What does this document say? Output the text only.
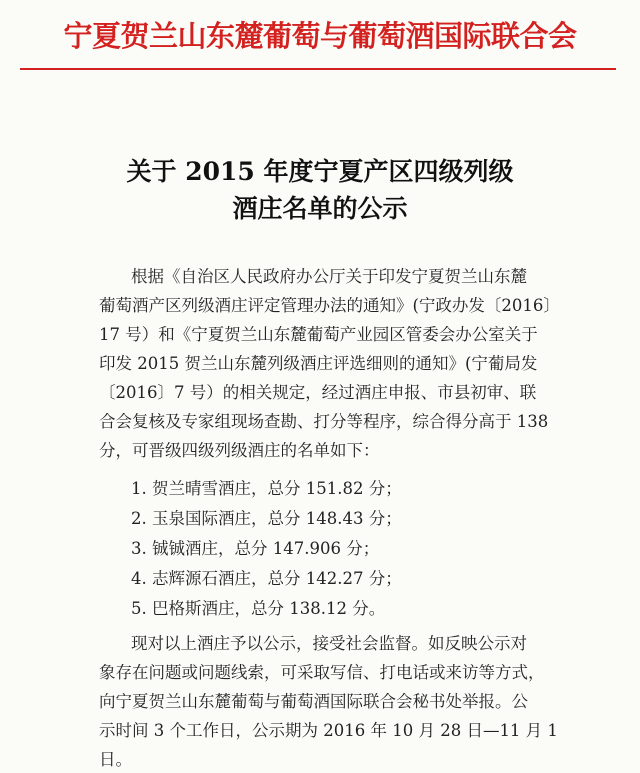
宁夏贺兰山东麓葡萄与葡萄酒国际联合会
关于 2015 年度宁夏产区四级列级
酒庄名单的公示
根据《自治区人民政府办公厅关于印发宁夏贺兰山东麓
葡萄酒产区列级酒庄评定管理办法的通知》(宁政办发〔2016〕
17 号）和《宁夏贺兰山东麓葡萄产业园区管委会办公室关于
印发 2015 贺兰山东麓列级酒庄评选细则的通知》(宁葡局发
〔2016〕7 号）的相关规定，经过酒庄申报、市县初审、联
合会复核及专家组现场查勘、打分等程序，综合得分高于 138
分，可晋级四级列级酒庄的名单如下：
1. 贺兰晴雪酒庄，总分 151.82 分；
2. 玉泉国际酒庄，总分 148.43 分；
3. 铖铖酒庄，总分 147.906 分；
4. 志辉源石酒庄，总分 142.27 分；
5. 巴格斯酒庄，总分 138.12 分。
现对以上酒庄予以公示，接受社会监督。如反映公示对
象存在问题或问题线索，可采取写信、打电话或来访等方式，
向宁夏贺兰山东麓葡萄与葡萄酒国际联合会秘书处举报。公
示时间 3 个工作日，公示期为 2016 年 10 月 28 日—11 月 1
日。
